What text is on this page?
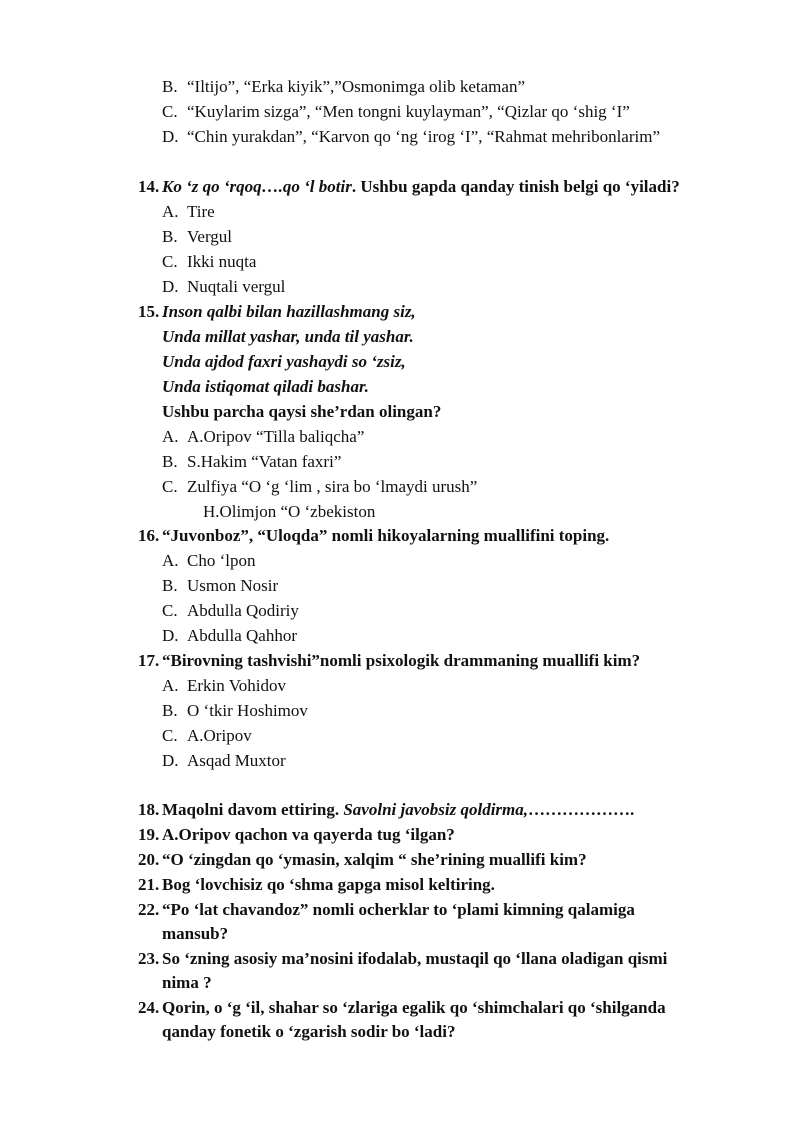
B. “Iltijo”, “Erka kiyik”,”Osmonimga olib ketaman”
C. “Kuylarim sizga”, “Men tongni kuylayman”, “Qizlar qo ‘shig ‘I”
D. “Chin yurakdan”, “Karvon qo ‘ng ‘irog ‘I”, “Rahmat mehribonlarim”
14. Ko ‘z qo ‘rqoq….qo ‘l botir. Ushbu gapda qanday tinish belgi qo ‘yiladi?
A. Tire
B. Vergul
C. Ikki nuqta
D. Nuqtali vergul
15. Inson qalbi bilan hazillashmang siz,
Unda millat yashar, unda til yashar.
Unda ajdod faxri yashaydi so ‘zsiz,
Unda istiqomat qiladi bashar.
Ushbu parcha qaysi she’rdan olingan?
A. A.Oripov “Tilla baliqcha”
B. S.Hakim “Vatan faxri”
C. Zulfiya “O ‘g ‘lim , sira bo ‘lmaydi urush”
H.Olimjon “O ‘zbekiston
16. “Juvonboz”, “Uloqda” nomli hikoyalarning muallifini toping.
A. Cho ‘lpon
B. Usmon Nosir
C. Abdulla Qodiriy
D. Abdulla Qahhor
17. “Birovning tashvishi”nomli psixologik drammaning muallifi kim?
A. Erkin Vohidov
B. O ‘tkir Hoshimov
C. A.Oripov
D. Asqad Muxtor
18. Maqolni davom ettiring. Savolni javobsiz qoldirma,……………….
19. A.Oripov qachon va qayerda tug ‘ilgan?
20. “O ‘zingdan qo ‘ymasin, xalqim “ she’rining muallifi kim?
21. Bog ‘lovchisiz qo ‘shma gapga misol keltiring.
22. “Po ‘lat chavandoz” nomli ocherklar to ‘plami kimning qalamiga
mansub?
23. So ‘zning asosiy ma’nosini ifodalab, mustaqil qo ‘llana oladigan qismi
nima ?
24. Qorin, o ‘g ‘il, shahar so ‘zlariga egalik qo ‘shimchalari qo ‘shilganda
qanday fonetik o ‘zgarish sodir bo ‘ladi?
